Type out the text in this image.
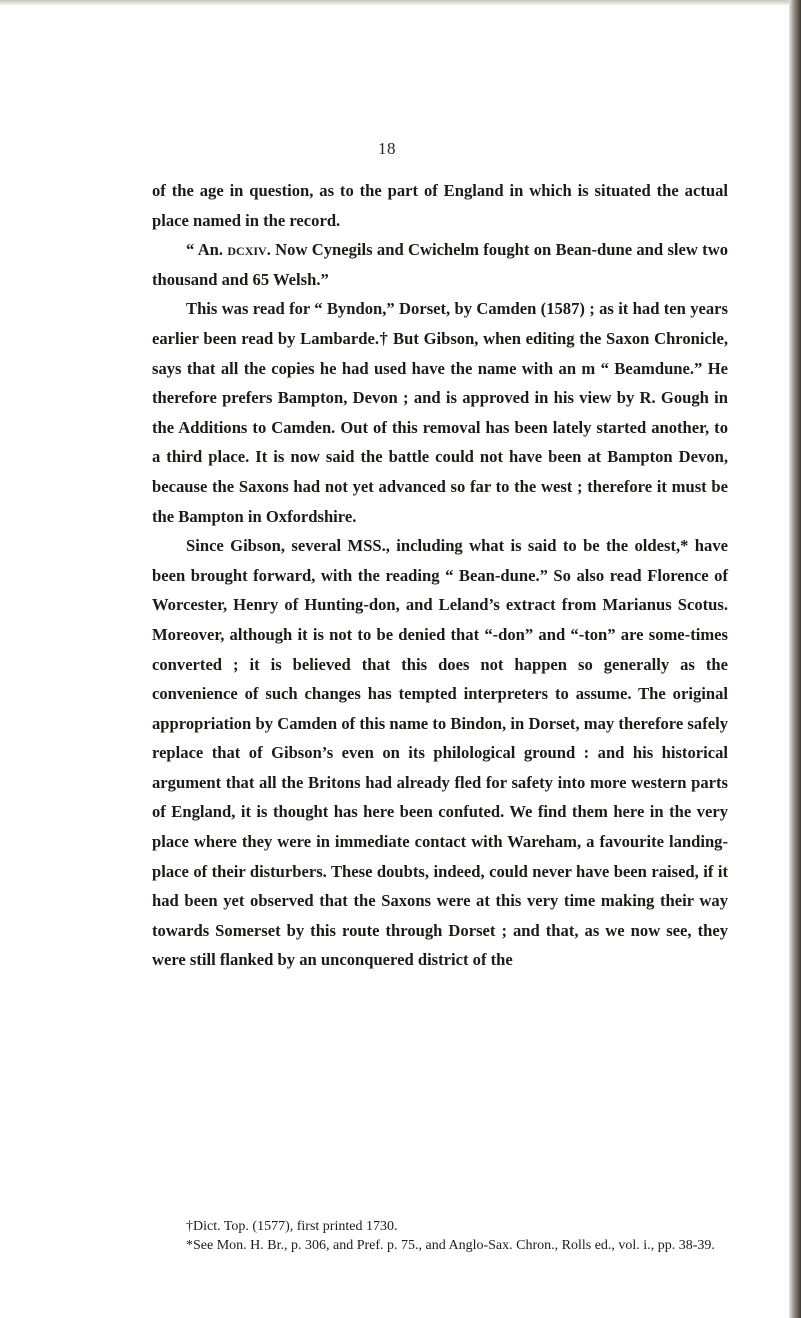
18

of the age in question, as to the part of England in which is situated the actual place named in the record.

“ An. dcxiv. Now Cynegils and Cwichelm fought on Bean-dune and slew two thousand and 65 Welsh.”

This was read for “ Byndon,” Dorset, by Camden (1587) ; as it had ten years earlier been read by Lambarde.† But Gibson, when editing the Saxon Chronicle, says that all the copies he had used have the name with an m “ Beamdune.” He therefore prefers Bampton, Devon ; and is approved in his view by R. Gough in the Additions to Camden. Out of this removal has been lately started another, to a third place. It is now said the battle could not have been at Bampton Devon, because the Saxons had not yet advanced so far to the west ; therefore it must be the Bampton in Oxfordshire.

Since Gibson, several MSS., including what is said to be the oldest,* have been brought forward, with the reading “ Bean-dune.” So also read Florence of Worcester, Henry of Hunting-don, and Leland’s extract from Marianus Scotus. Moreover, although it is not to be denied that “-don” and “-ton” are some-times converted ; it is believed that this does not happen so generally as the convenience of such changes has tempted interpreters to assume. The original appropriation by Camden of this name to Bindon, in Dorset, may therefore safely replace that of Gibson’s even on its philological ground : and his historical argument that all the Britons had already fled for safety into more western parts of England, it is thought has here been confuted. We find them here in the very place where they were in immediate contact with Wareham, a favourite landing-place of their disturbers. These doubts, indeed, could never have been raised, if it had been yet observed that the Saxons were at this very time making their way towards Somerset by this route through Dorset ; and that, as we now see, they were still flanked by an unconquered district of the

†Dict. Top. (1577), first printed 1730.

*See Mon. H. Br., p. 306, and Pref. p. 75., and Anglo-Sax. Chron., Rolls ed., vol. i., pp. 38-39.
